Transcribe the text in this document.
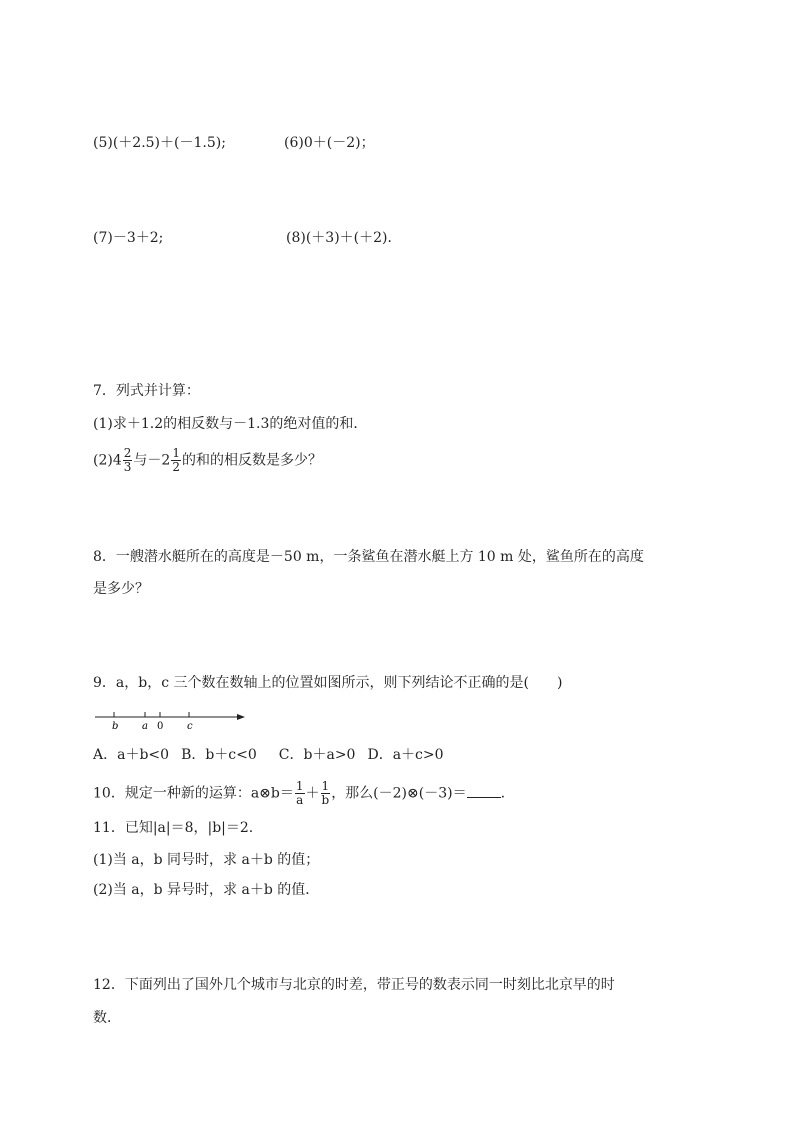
(5)(＋2.5)＋(－1.5);	(6)0＋(－2)；
(7)－3＋2;	(8)(＋3)＋(＋2)．
7．列式并计算：
(1)求＋1.2的相反数与－1.3的绝对值的和．
$(2)4 \frac{2}{3}$ 与$-2 \frac{1}{2}$ 的和的相反数是多少？
8．一艘潜水艇所在的高度是－50 m，一条鲨鱼在潜水艇上方 10 m 处，鲨鱼所在的高度
是多少？
9．a，b，c 三个数在数轴上的位置如图所示，则下列结论不正确的是(　　)
b a 0 c
A．a＋b<0 B．b＋c<0 C．b＋a>0 D．a＋c>0
10．规定一种新的运算：a⊗b＝ $\frac{1}{a} + \frac{1}{b}$ ，那么(－2)⊗(－3)＝ .
11．已知|a|＝8，|b|＝2.
(1)当 a，b 同号时，求 a＋b 的值；
(2)当 a，b 异号时，求 a＋b 的值．
12．下面列出了国外几个城市与北京的时差，带正号的数表示同一时刻比北京早的时
数．
